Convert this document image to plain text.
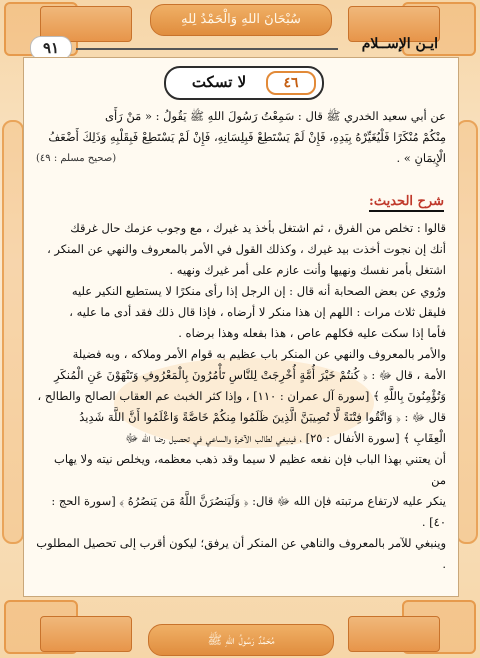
سُبْحَانَ اللهِ وَالْحَمْدُ لِلهِ
٩١	ايـن الإســلام
لا تسكت	٤٦
عن أبي سعيد الخدري ﷺ قال : سَمِعْتُ رَسُولَ اللهِ ﷺ يَقُولُ : « مَنْ رَأَى
مِنْكُمْ مُنْكَرًا فَلْيُغَيِّرْهُ بِيَدِهِ، فَإِنْ لَمْ يَسْتَطِعْ فَبِلِسَانِهِ، فَإِنْ لَمْ يَسْتَطِعْ فَبِقَلْبِهِ وَذَلِكَ أَضْعَفُ
الْإِيمَانِ » .
(صحيح مسلم : ٤٩)
شرح الحديث:

قالوا : تخلص من الفرق ، ثم اشتغل بأخذ يد غيرك ، مع وجوب عزمك حال غرقك

أنك إن نجوت أخذت بيد غيرك ، وكذلك القول في الأمر بالمعروف والنهي عن المنكر ،

اشتغل بأمر نفسك ونهيها وأنت عازم على أمر غيرك ونهيه .

ورُوي عن بعض الصحابة أنه قال : إن الرجل إذا رأى منكرًا لا يستطيع النكير عليه

فليقل ثلاث مرات : اللهم إن هذا منكر لا أرضاه ، فإذا قال ذلك فقد أدى ما عليه ،

فأما إذا سكت عليه فكلهم عاص ، هذا بفعله وهذا برضاه .

والأمر بالمعروف والنهي عن المنكر باب عظيم به قوام الأمر وملاكه ، وبه فضيلة

الأمة ، قال ﷻ : ﴿ كُنتُمْ خَيْرَ أُمَّةٍ أُخْرِجَتْ لِلنَّاسِ تَأْمُرُونَ بِالْمَعْرُوفِ وَتَنْهَوْنَ عَنِ الْمُنكَرِ

وَتُؤْمِنُونَ بِاللَّهِ ﴾ [سورة آل عمران : ١١٠] ، وإذا كثر الخبث عم العقاب الصالح والطالح ،

قال ﷻ : ﴿ وَاتَّقُوا فِتْنَةً لَّا تُصِيبَنَّ الَّذِينَ ظَلَمُوا مِنكُمْ خَاصَّةً وَاعْلَمُوا أَنَّ اللَّهَ شَدِيدُ

الْعِقَابِ ﴾ [سورة الأنفال : ٢٥] ، فينبغي لطالب الآخرة والساعي في تحصيل رضا الله ﷻ

أن يعتني بهذا الباب فإن نفعه عظيم لا سيما وقد ذهب معظمه، ويخلص نيته ولا يهاب من

ينكر عليه لارتفاع مرتبته فإن الله ﷻ قال: ﴿ وَلَيَنصُرَنَّ اللَّهُ مَن يَنصُرُهُ ﴾ [سورة الحج : ٤٠] .

وينبغي للآمر بالمعروف والناهي عن المنكر أن يرفق؛ ليكون أقرب إلى تحصيل المطلوب .

مُحَمَّدٌ رَسُولُ اللهِ ﷺ
